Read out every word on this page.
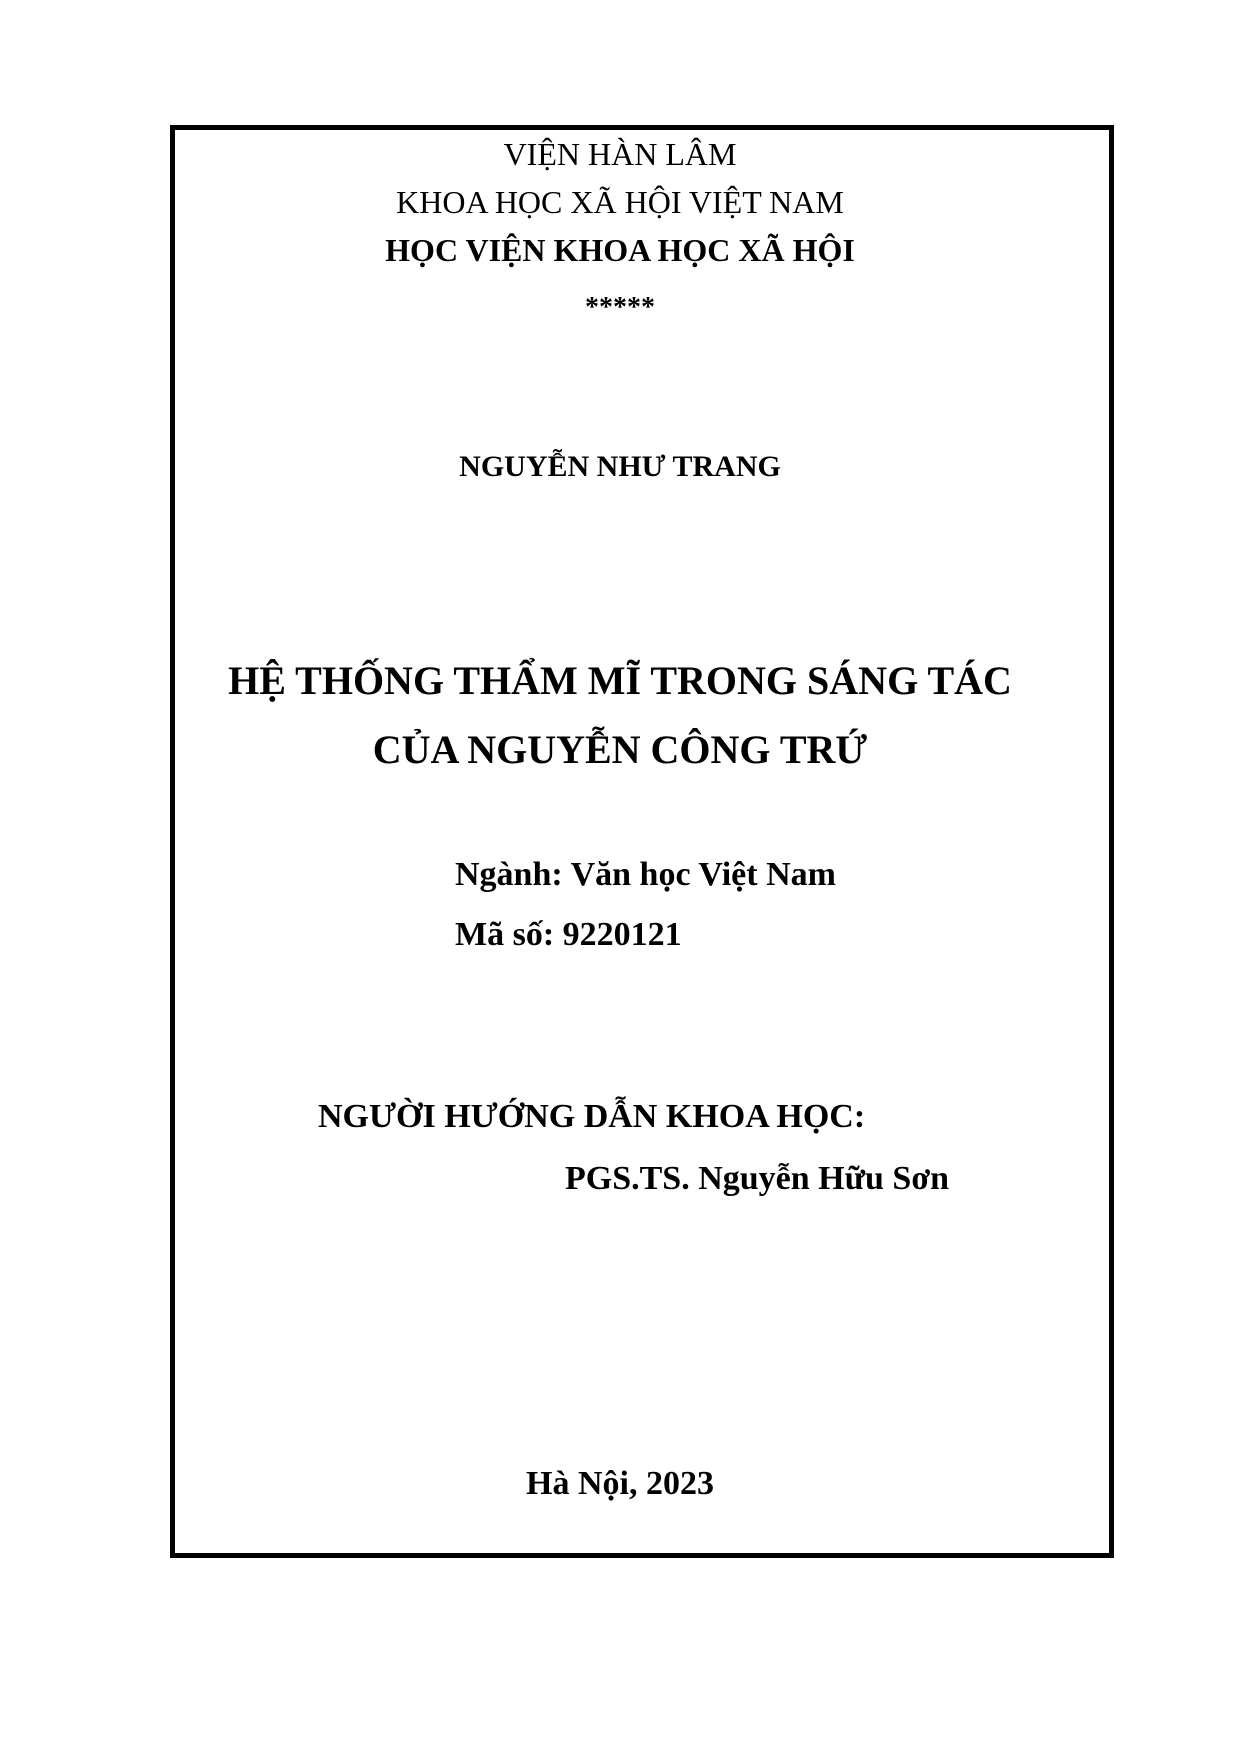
VIỆN HÀN LÂM
KHOA HỌC XÃ HỘI VIỆT NAM
HỌC VIỆN KHOA HỌC XÃ HỘI
*****
NGUYỄN NHƯ TRANG
HỆ THỐNG THẨM MĨ TRONG SÁNG TÁC
CỦA NGUYỄN CÔNG TRỨ
Ngành: Văn học Việt Nam
Mã số: 9220121
NGƯỜI HƯỚNG DẪN KHOA HỌC:
PGS.TS. Nguyễn Hữu Sơn
Hà Nội, 2023
